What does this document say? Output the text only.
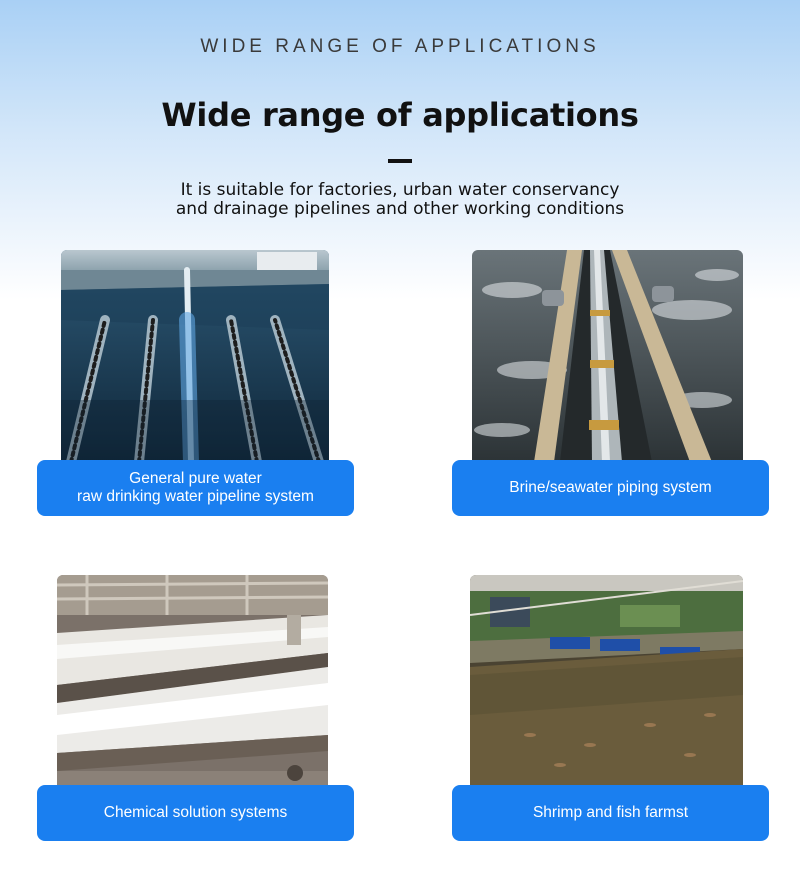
WIDE RANGE OF APPLICATIONS
Wide range of applications
It is suitable for factories, urban water conservancy
and drainage pipelines and other working conditions
General pure water
raw drinking water pipeline system
Brine/seawater piping system
Chemical solution systems	Shrimp and fish farmst
